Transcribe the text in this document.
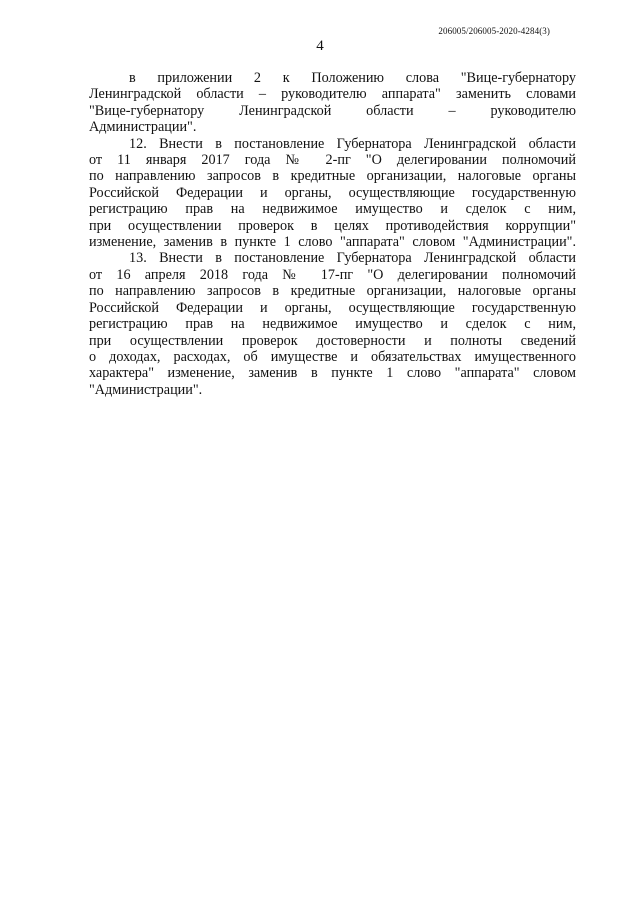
206005/206005-2020-4284(3)
4

в приложении 2 к Положению слова "Вице-губернатору
Ленинградской области – руководителю аппарата" заменить словами
"Вице-губернатору Ленинградской области – руководителю
Администрации".

12. Внести в постановление Губернатора Ленинградской области
от 11 января 2017 года № 2-пг "О делегировании полномочий
по направлению запросов в кредитные организации, налоговые органы
Российской Федерации и органы, осуществляющие государственную
регистрацию прав на недвижимое имущество и сделок с ним,
при осуществлении проверок в целях противодействия коррупции"
изменение, заменив в пункте 1 слово "аппарата" словом "Администрации".

13. Внести в постановление Губернатора Ленинградской области
от 16 апреля 2018 года № 17-пг "О делегировании полномочий
по направлению запросов в кредитные организации, налоговые органы
Российской Федерации и органы, осуществляющие государственную
регистрацию прав на недвижимое имущество и сделок с ним,
при осуществлении проверок достоверности и полноты сведений
о доходах, расходах, об имуществе и обязательствах имущественного
характера" изменение, заменив в пункте 1 слово "аппарата" словом
"Администрации".
